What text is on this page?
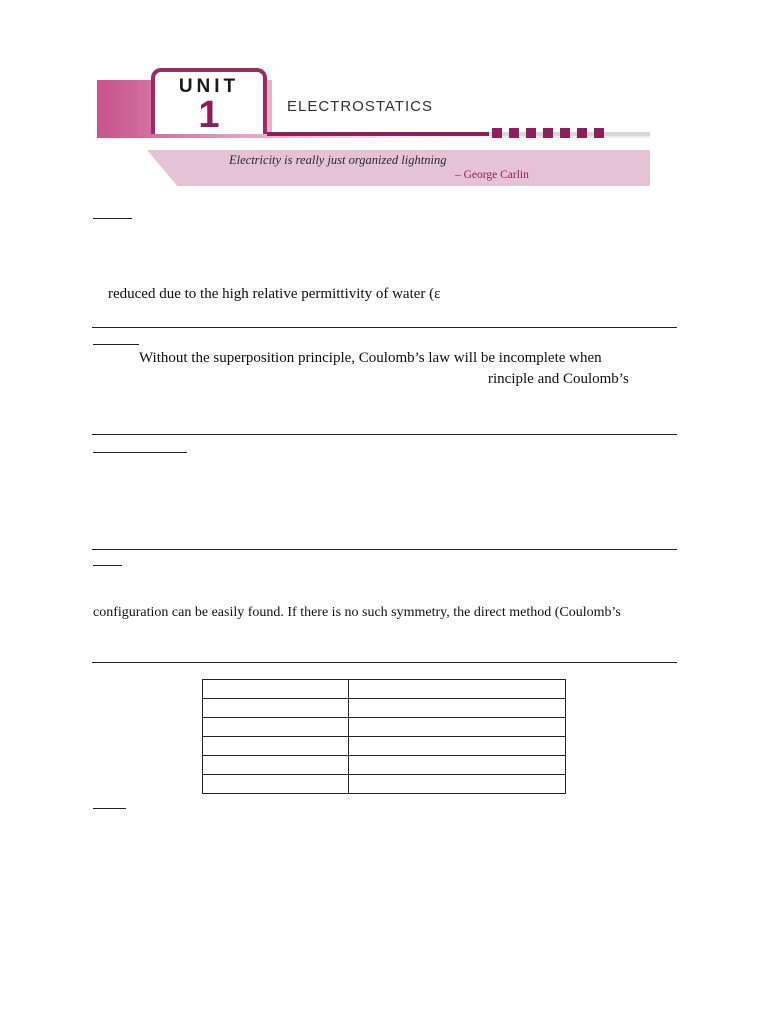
UNIT
1	ELECTROSTATICS
Electricity is really just organized lightning
– George Carlin
reduced due to the high relative permittivity of water (ε
Without the superposition principle, Coulomb’s law will be incomplete when
rinciple and Coulomb’s
configuration can be easily found. If there is no such symmetry, the direct method (Coulomb’s
